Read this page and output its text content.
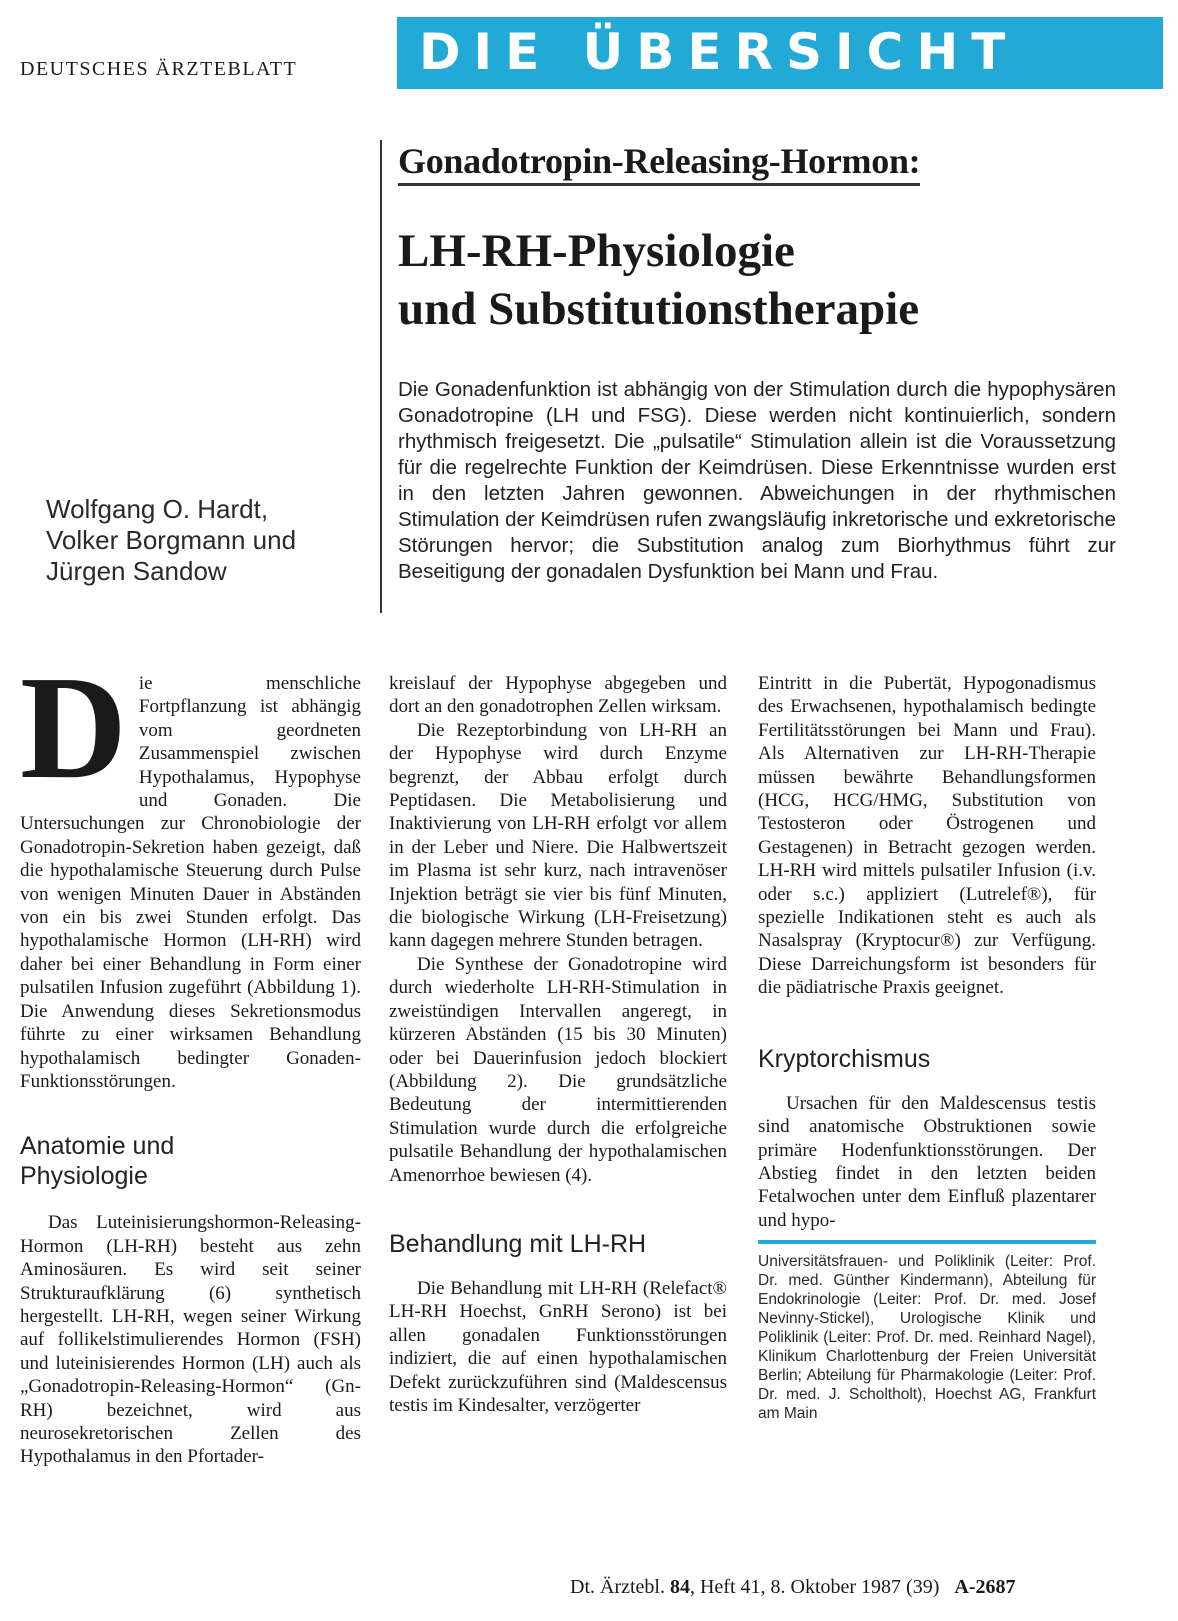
DEUTSCHES ÄRZTEBLATT DIE ÜBERSICHT
Gonadotropin-Releasing-Hormon:
LH-RH-Physiologie
und Substitutionstherapie
Wolfgang O. Hardt,
Volker Borgmann und
Jürgen Sandow
Die Gonadenfunktion ist abhängig von der Stimulation durch die hypophysären Gonadotropine (LH und FSG). Diese werden nicht kontinuierlich, sondern rhythmisch freigesetzt. Die „pulsatile“ Stimulation allein ist die Voraussetzung für die regelrechte Funktion der Keimdrüsen. Diese Erkenntnisse wurden erst in den letzten Jahren gewonnen. Abweichungen in der rhythmischen Stimulation der Keimdrüsen rufen zwangsläufig inkretorische und exkretorische Störungen hervor; die Substitution analog zum Biorhythmus führt zur Beseitigung der gonadalen Dysfunktion bei Mann und Frau.
D ie menschliche Fortpflanzung ist abhängig vom geordneten Zusammenspiel zwischen Hypothalamus, Hypophyse und Gonaden. Die Untersuchungen zur Chronobiologie der Gonadotropin-Sekretion haben gezeigt, daß die hypothalamische Steuerung durch Pulse von wenigen Minuten Dauer in Abständen von ein bis zwei Stunden erfolgt. Das hypothalamische Hormon (LH-RH) wird daher bei einer Behandlung in Form einer pulsatilen Infusion zugeführt (Abbildung 1). Die Anwendung dieses Sekretionsmodus führte zu einer wirksamen Behandlung hypothalamisch bedingter Gonaden-Funktionsstörungen.

Anatomie und
Physiologie

Das Luteinisierungshormon-Releasing-Hormon (LH-RH) besteht aus zehn Aminosäuren. Es wird seit seiner Strukturaufklärung (6) synthetisch hergestellt. LH-RH, wegen seiner Wirkung auf follikelstimulierendes Hormon (FSH) und luteinisierendes Hormon (LH) auch als „Gonadotropin-Releasing-Hormon“ (Gn-RH) bezeichnet, wird aus neurosekretorischen Zellen des Hypothalamus in den Pfortader-

kreislauf der Hypophyse abgegeben und dort an den gonadotrophen Zellen wirksam.

Die Rezeptorbindung von LH-RH an der Hypophyse wird durch Enzyme begrenzt, der Abbau erfolgt durch Peptidasen. Die Metabolisierung und Inaktivierung von LH-RH erfolgt vor allem in der Leber und Niere. Die Halbwertszeit im Plasma ist sehr kurz, nach intravenöser Injektion beträgt sie vier bis fünf Minuten, die biologische Wirkung (LH-Freisetzung) kann dagegen mehrere Stunden betragen.

Die Synthese der Gonadotropine wird durch wiederholte LH-RH-Stimulation in zweistündigen Intervallen angeregt, in kürzeren Abständen (15 bis 30 Minuten) oder bei Dauerinfusion jedoch blockiert (Abbildung 2). Die grundsätzliche Bedeutung der intermittierenden Stimulation wurde durch die erfolgreiche pulsatile Behandlung der hypothalamischen Amenorrhoe bewiesen (4).

Behandlung mit LH-RH

Die Behandlung mit LH-RH (Relefact® LH-RH Hoechst, GnRH Serono) ist bei allen gonadalen Funktionsstörungen indiziert, die auf einen hypothalamischen Defekt zurückzuführen sind (Maldescensus testis im Kindesalter, verzögerter

Eintritt in die Pubertät, Hypogonadismus des Erwachsenen, hypothalamisch bedingte Fertilitätsstörungen bei Mann und Frau). Als Alternativen zur LH-RH-Therapie müssen bewährte Behandlungsformen (HCG, HCG/HMG, Substitution von Testosteron oder Östrogenen und Gestagenen) in Betracht gezogen werden. LH-RH wird mittels pulsatiler Infusion (i.v. oder s.c.) appliziert (Lutrelef®), für spezielle Indikationen steht es auch als Nasalspray (Kryptocur®) zur Verfügung. Diese Darreichungsform ist besonders für die pädiatrische Praxis geeignet.

Kryptorchismus

Ursachen für den Maldescensus testis sind anatomische Obstruktionen sowie primäre Hodenfunktionsstörungen. Der Abstieg findet in den letzten beiden Fetalwochen unter dem Einfluß plazentarer und hypo-

Universitätsfrauen- und Poliklinik (Leiter: Prof. Dr. med. Günther Kindermann), Abteilung für Endokrinologie (Leiter: Prof. Dr. med. Josef Nevinny-Stickel), Urologische Klinik und Poliklinik (Leiter: Prof. Dr. med. Reinhard Nagel), Klinikum Charlottenburg der Freien Universität Berlin; Abteilung für Pharmakologie (Leiter: Prof. Dr. med. J. Scholtholt), Hoechst AG, Frankfurt am Main
Dt. Ärztebl. 84, Heft 41, 8. Oktober 1987 (39) A-2687
